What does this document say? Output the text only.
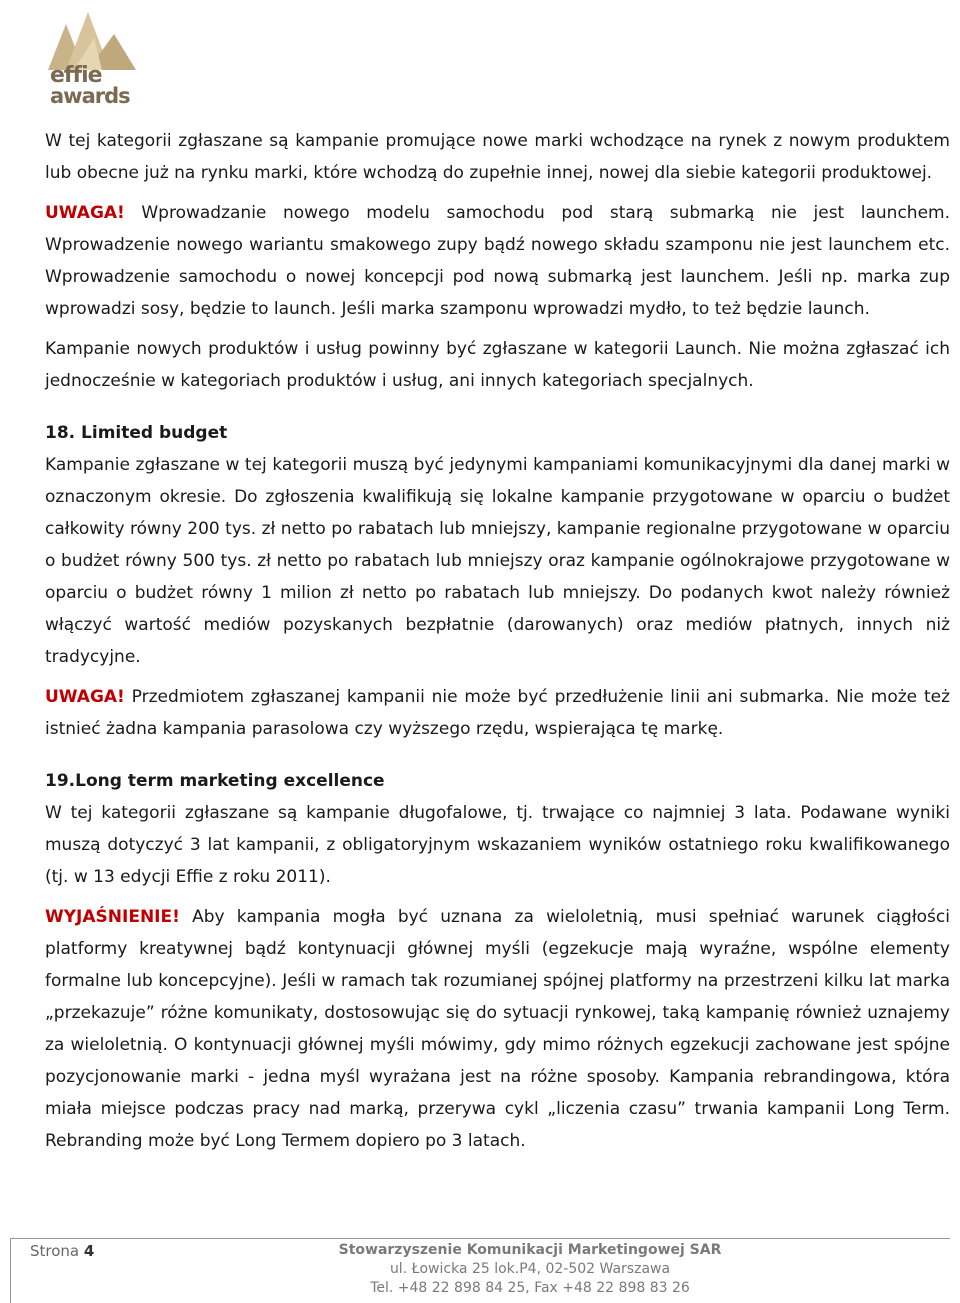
effie
awards

W tej kategorii zgłaszane są kampanie promujące nowe marki wchodzące na rynek z nowym produktem lub obecne już na rynku marki, które wchodzą do zupełnie innej, nowej dla siebie kategorii produktowej.

UWAGA! Wprowadzanie nowego modelu samochodu pod starą submarką nie jest launchem. Wprowadzenie nowego wariantu smakowego zupy bądź nowego składu szamponu nie jest launchem etc. Wprowadzenie samochodu o nowej koncepcji pod nową submarką jest launchem. Jeśli np. marka zup wprowadzi sosy, będzie to launch. Jeśli marka szamponu wprowadzi mydło, to też będzie launch.

Kampanie nowych produktów i usług powinny być zgłaszane w kategorii Launch. Nie można zgłaszać ich jednocześnie w kategoriach produktów i usług, ani innych kategoriach specjalnych.

18. Limited budget

Kampanie zgłaszane w tej kategorii muszą być jedynymi kampaniami komunikacyjnymi dla danej marki w oznaczonym okresie. Do zgłoszenia kwalifikują się lokalne kampanie przygotowane w oparciu o budżet całkowity równy 200 tys. zł netto po rabatach lub mniejszy, kampanie regionalne przygotowane w oparciu o budżet równy 500 tys. zł netto po rabatach lub mniejszy oraz kampanie ogólnokrajowe przygotowane w oparciu o budżet równy 1 milion zł netto po rabatach lub mniejszy. Do podanych kwot należy również włączyć wartość mediów pozyskanych bezpłatnie (darowanych) oraz mediów płatnych, innych niż tradycyjne.

UWAGA! Przedmiotem zgłaszanej kampanii nie może być przedłużenie linii ani submarka. Nie może też istnieć żadna kampania parasolowa czy wyższego rzędu, wspierająca tę markę.

19.Long term marketing excellence

W tej kategorii zgłaszane są kampanie długofalowe, tj. trwające co najmniej 3 lata. Podawane wyniki muszą dotyczyć 3 lat kampanii, z obligatoryjnym wskazaniem wyników ostatniego roku kwalifikowanego (tj. w 13 edycji Effie z roku 2011).

WYJAŚNIENIE! Aby kampania mogła być uznana za wieloletnią, musi spełniać warunek ciągłości platformy kreatywnej bądź kontynuacji głównej myśli (egzekucje mają wyraźne, wspólne elementy formalne lub koncepcyjne). Jeśli w ramach tak rozumianej spójnej platformy na przestrzeni kilku lat marka „przekazuje” różne komunikaty, dostosowując się do sytuacji rynkowej, taką kampanię również uznajemy za wieloletnią. O kontynuacji głównej myśli mówimy, gdy mimo różnych egzekucji zachowane jest spójne pozycjonowanie marki - jedna myśl wyrażana jest na różne sposoby. Kampania rebrandingowa, która miała miejsce podczas pracy nad marką, przerywa cykl „liczenia czasu” trwania kampanii Long Term. Rebranding może być Long Termem dopiero po 3 latach.

Strona 4	Stowarzyszenie Komunikacji Marketingowej SAR
ul. Łowicka 25 lok.P4, 02-502 Warszawa
Tel. +48 22 898 84 25, Fax +48 22 898 83 26
